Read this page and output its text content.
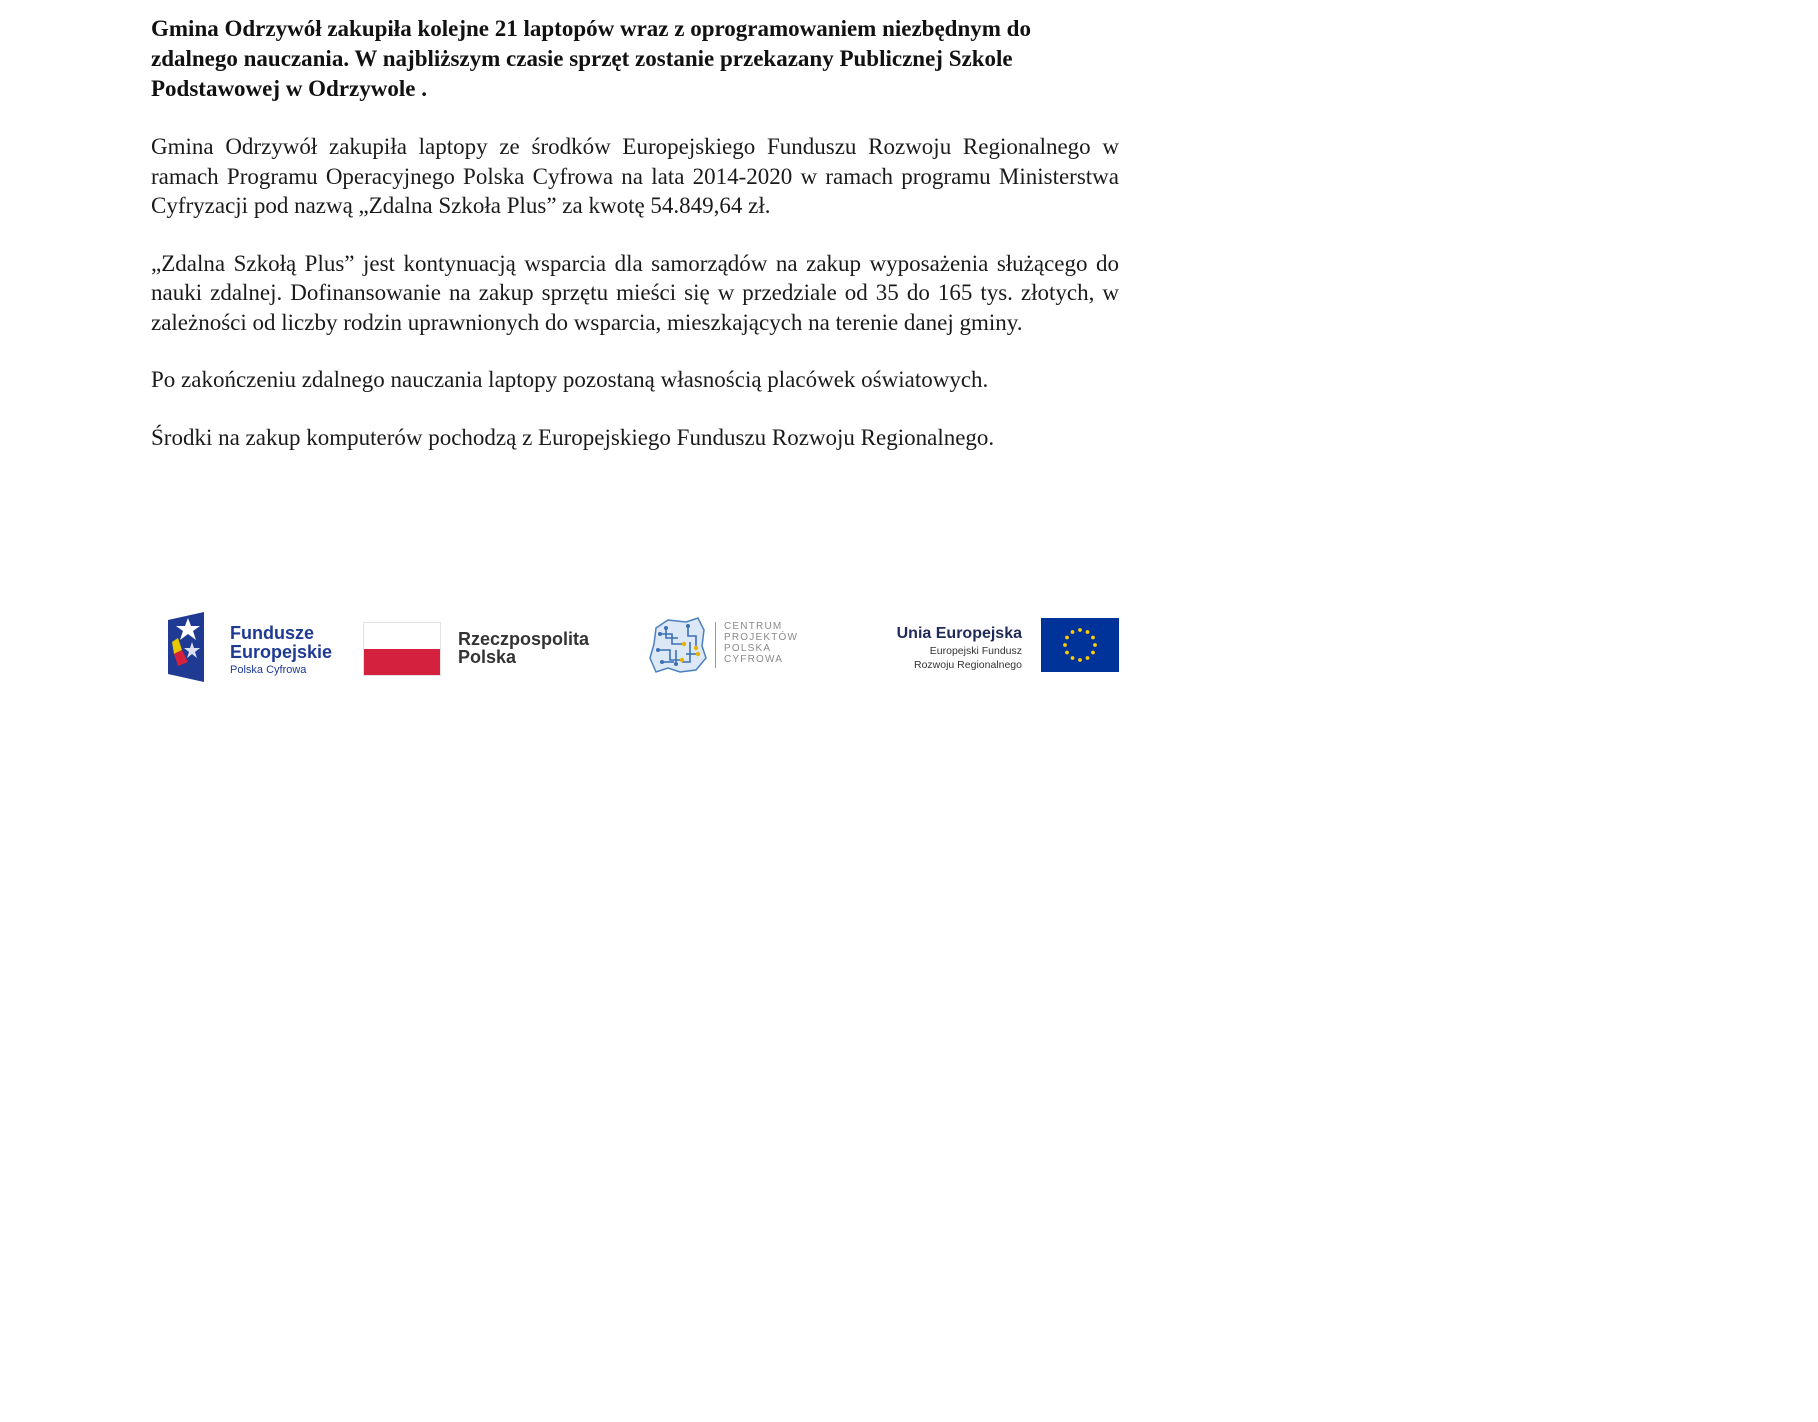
Gmina Odrzywół zakupiła kolejne 21 laptopów wraz z oprogramowaniem niezbędnym do zdalnego nauczania. W najbliższym czasie sprzęt zostanie przekazany Publicznej Szkole Podstawowej w Odrzywole .

Gmina Odrzywół zakupiła laptopy ze środków Europejskiego Funduszu Rozwoju Regionalnego w ramach Programu Operacyjnego Polska Cyfrowa na lata 2014-2020 w ramach programu Ministerstwa Cyfryzacji pod nazwą „Zdalna Szkoła Plus” za kwotę 54.849,64 zł.

„Zdalna Szkołą Plus” jest kontynuacją wsparcia dla samorządów na zakup wyposażenia służącego do nauki zdalnej. Dofinansowanie na zakup sprzętu mieści się w przedziale od 35 do 165 tys. złotych, w zależności od liczby rodzin uprawnionych do wsparcia, mieszkających na terenie danej gminy.

Po zakończeniu zdalnego nauczania laptopy pozostaną własnością placówek oświatowych.

Środki na zakup komputerów pochodzą z Europejskiego Funduszu Rozwoju Regionalnego.

Fundusze
Europejskie
Polska Cyfrowa
Rzeczpospolita
Polska
CENTRUM
PROJEKTÓW
POLSKA
CYFROWA
Unia Europejska
Europejski Fundusz
Rozwoju Regionalnego
